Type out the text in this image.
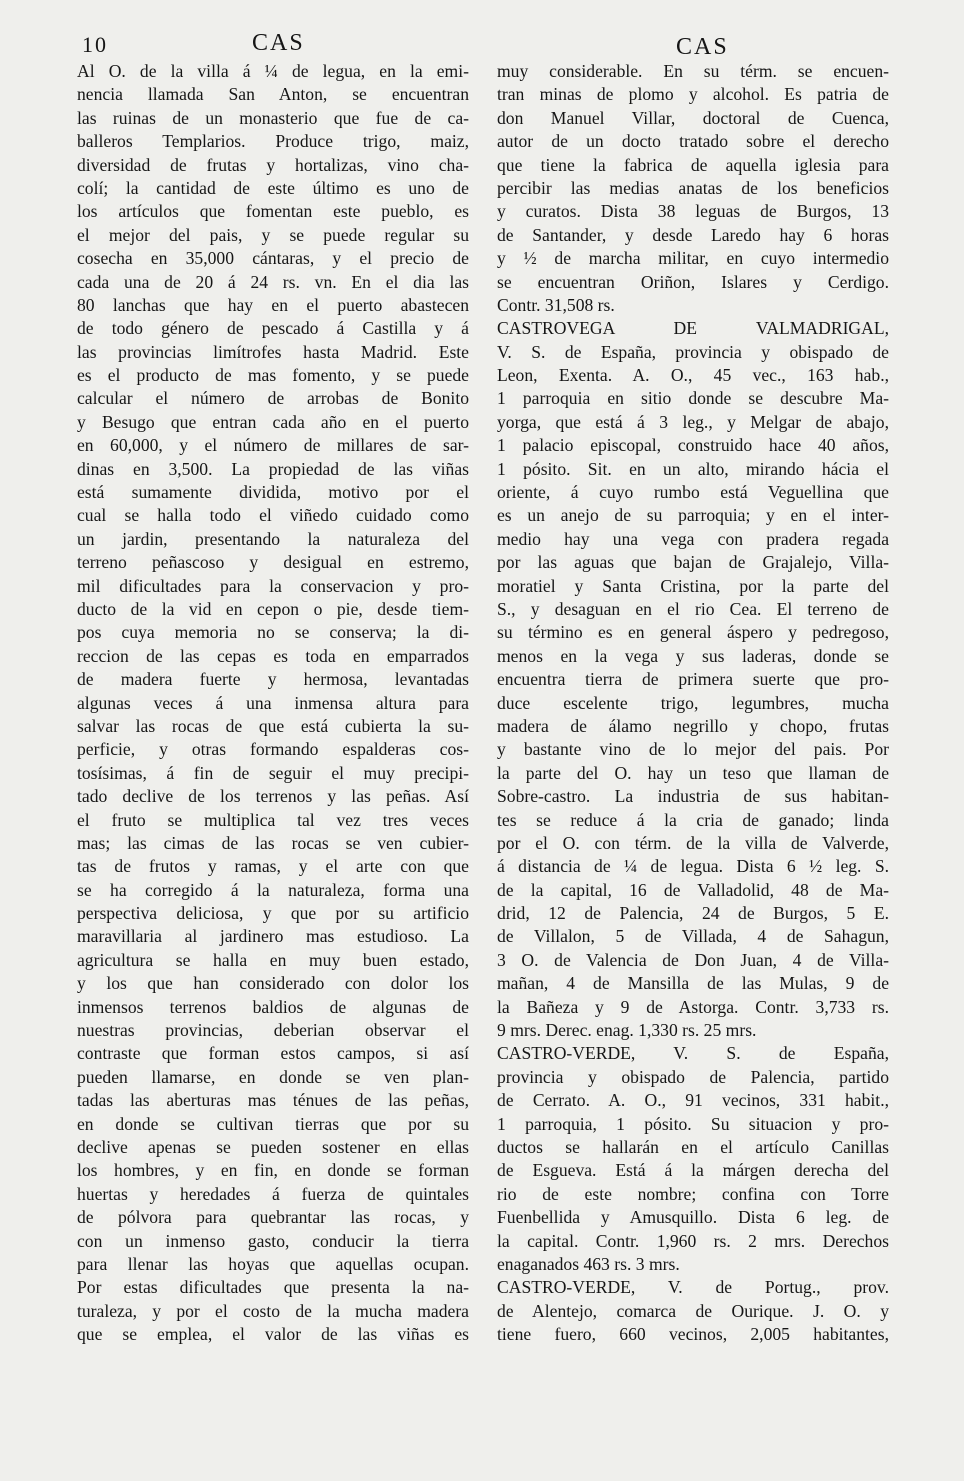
10	CAS	CAS
Al O. de la villa á ¼ de legua, en la emi-
nencia llamada San Anton, se encuentran
las ruinas de un monasterio que fue de ca-
balleros Templarios. Produce trigo, maiz,
diversidad de frutas y hortalizas, vino cha-
colí; la cantidad de este último es uno de
los artículos que fomentan este pueblo, es
el mejor del pais, y se puede regular su
cosecha en 35,000 cántaras, y el precio de
cada una de 20 á 24 rs. vn. En el dia las
80 lanchas que hay en el puerto abastecen
de todo género de pescado á Castilla y á
las provincias limítrofes hasta Madrid. Este
es el producto de mas fomento, y se puede
calcular el número de arrobas de Bonito
y Besugo que entran cada año en el puerto
en 60,000, y el número de millares de sar-
dinas en 3,500. La propiedad de las viñas
está sumamente dividida, motivo por el
cual se halla todo el viñedo cuidado como
un jardin, presentando la naturaleza del
terreno peñascoso y desigual en estremo,
mil dificultades para la conservacion y pro-
ducto de la vid en cepon o pie, desde tiem-
pos cuya memoria no se conserva; la di-
reccion de las cepas es toda en emparrados
de madera fuerte y hermosa, levantadas
algunas veces á una inmensa altura para
salvar las rocas de que está cubierta la su-
perficie, y otras formando espalderas cos-
tosísimas, á fin de seguir el muy precipi-
tado declive de los terrenos y las peñas. Así
el fruto se multiplica tal vez tres veces
mas; las cimas de las rocas se ven cubier-
tas de frutos y ramas, y el arte con que
se ha corregido á la naturaleza, forma una
perspectiva deliciosa, y que por su artificio
maravillaria al jardinero mas estudioso. La
agricultura se halla en muy buen estado,
y los que han considerado con dolor los
inmensos terrenos baldios de algunas de
nuestras provincias, deberian observar el
contraste que forman estos campos, si así
pueden llamarse, en donde se ven plan-
tadas las aberturas mas ténues de las peñas,
en donde se cultivan tierras que por su
declive apenas se pueden sostener en ellas
los hombres, y en fin, en donde se forman
huertas y heredades á fuerza de quintales
de pólvora para quebrantar las rocas, y
con un inmenso gasto, conducir la tierra
para llenar las hoyas que aquellas ocupan.
Por estas dificultades que presenta la na-
turaleza, y por el costo de la mucha madera
que se emplea, el valor de las viñas es
muy considerable. En su térm. se encuen-
tran minas de plomo y alcohol. Es patria de
don Manuel Villar, doctoral de Cuenca,
autor de un docto tratado sobre el derecho
que tiene la fabrica de aquella iglesia para
percibir las medias anatas de los beneficios
y curatos. Dista 38 leguas de Burgos, 13
de Santander, y desde Laredo hay 6 horas
y ½ de marcha militar, en cuyo intermedio
se encuentran Oriñon, Islares y Cerdigo.
Contr. 31,508 rs.
CASTROVEGA DE VALMADRIGAL,
V. S. de España, provincia y obispado de
Leon, Exenta. A. O., 45 vec., 163 hab.,
1 parroquia en sitio donde se descubre Ma-
yorga, que está á 3 leg., y Melgar de abajo,
1 palacio episcopal, construido hace 40 años,
1 pósito. Sit. en un alto, mirando hácia el
oriente, á cuyo rumbo está Veguellina que
es un anejo de su parroquia; y en el inter-
medio hay una vega con pradera regada
por las aguas que bajan de Grajalejo, Villa-
moratiel y Santa Cristina, por la parte del
S., y desaguan en el rio Cea. El terreno de
su término es en general áspero y pedregoso,
menos en la vega y sus laderas, donde se
encuentra tierra de primera suerte que pro-
duce escelente trigo, legumbres, mucha
madera de álamo negrillo y chopo, frutas
y bastante vino de lo mejor del pais. Por
la parte del O. hay un teso que llaman de
Sobre-castro. La industria de sus habitan-
tes se reduce á la cria de ganado; linda
por el O. con térm. de la villa de Valverde,
á distancia de ¼ de legua. Dista 6 ½ leg. S.
de la capital, 16 de Valladolid, 48 de Ma-
drid, 12 de Palencia, 24 de Burgos, 5 E.
de Villalon, 5 de Villada, 4 de Sahagun,
3 O. de Valencia de Don Juan, 4 de Villa-
mañan, 4 de Mansilla de las Mulas, 9 de
la Bañeza y 9 de Astorga. Contr. 3,733 rs.
9 mrs. Derec. enag. 1,330 rs. 25 mrs.
CASTRO-VERDE, V. S. de España,
provincia y obispado de Palencia, partido
de Cerrato. A. O., 91 vecinos, 331 habit.,
1 parroquia, 1 pósito. Su situacion y pro-
ductos se hallarán en el artículo Canillas
de Esgueva. Está á la márgen derecha del
rio de este nombre; confina con Torre
Fuenbellida y Amusquillo. Dista 6 leg. de
la capital. Contr. 1,960 rs. 2 mrs. Derechos
enaganados 463 rs. 3 mrs.
CASTRO-VERDE, V. de Portug., prov.
de Alentejo, comarca de Ourique. J. O. y
tiene fuero, 660 vecinos, 2,005 habitantes,
